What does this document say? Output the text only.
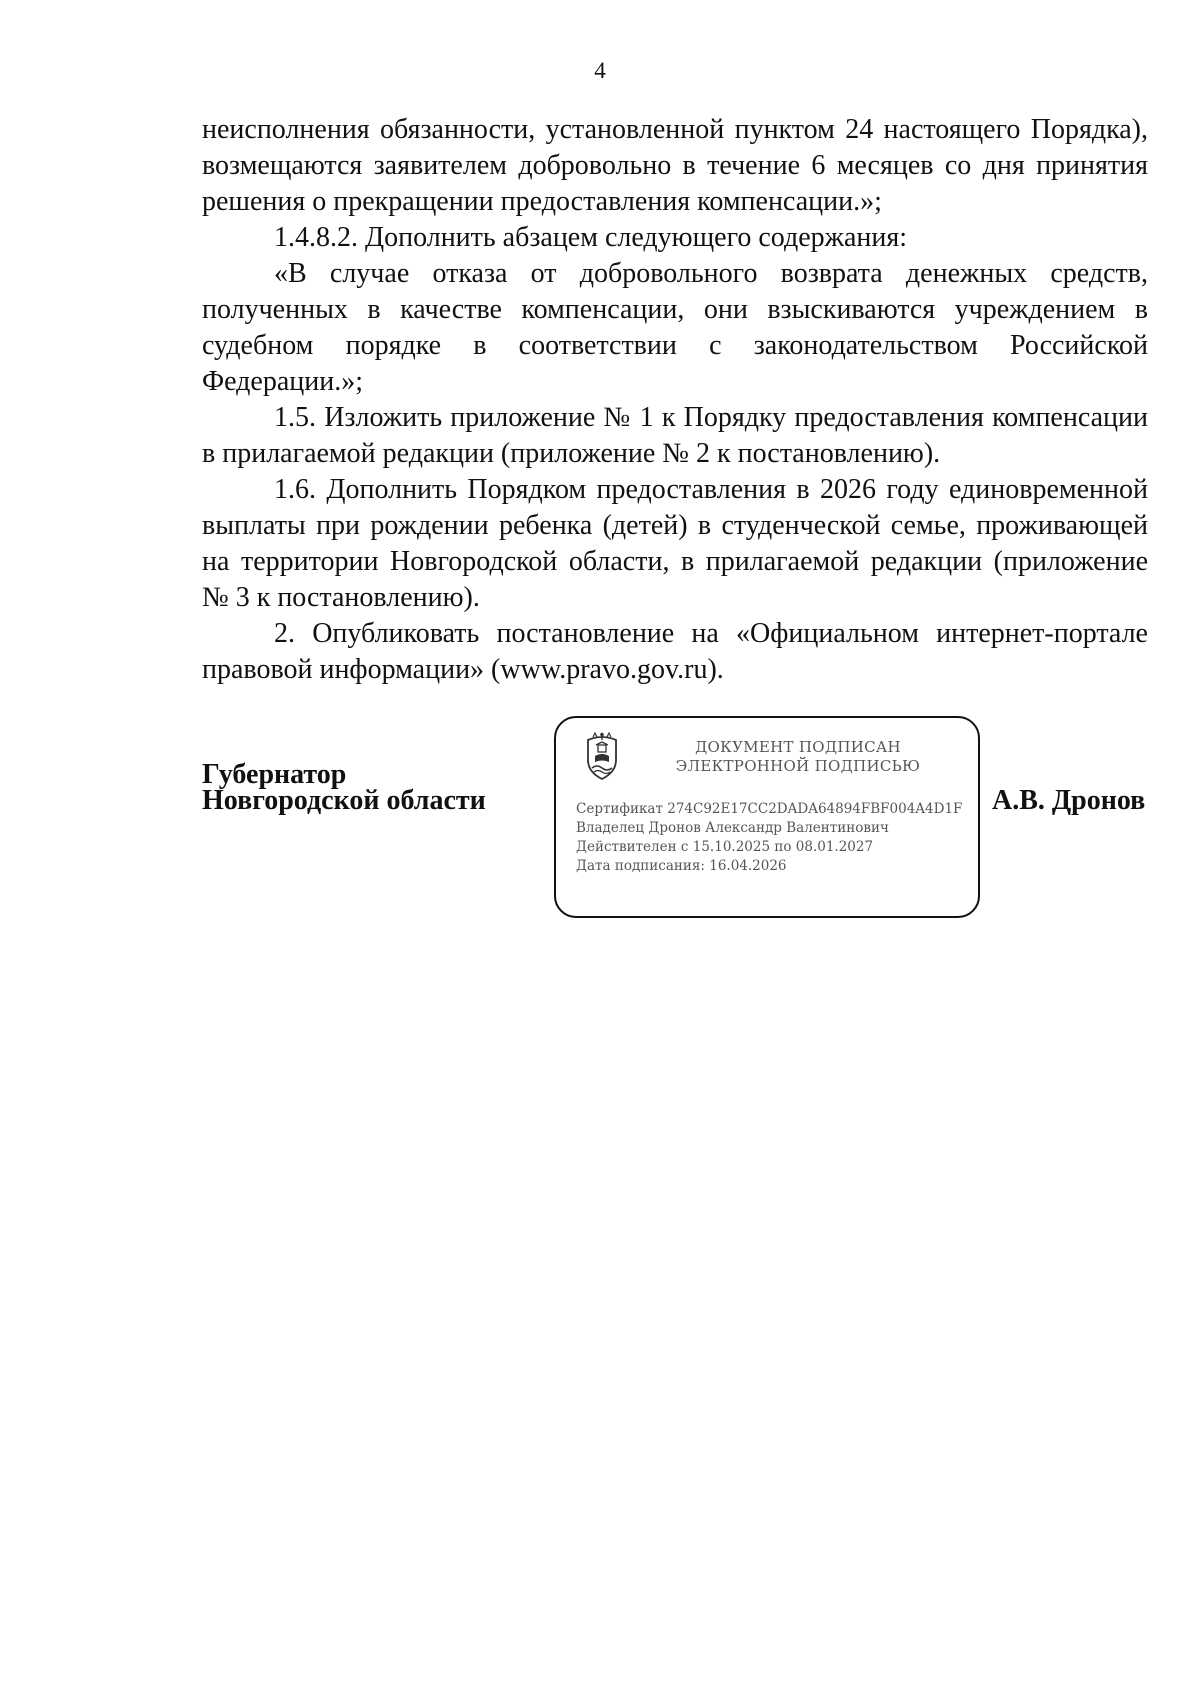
4

неисполнения обязанности, установленной пунктом 24 настоящего Порядка), возмещаются заявителем добровольно в течение 6 месяцев со дня принятия решения о прекращении предоставления компенсации.»;

1.4.8.2. Дополнить абзацем следующего содержания:

«В случае отказа от добровольного возврата денежных средств, полученных в качестве компенсации, они взыскиваются учреждением в судебном порядке в соответствии с законодательством Российской Федерации.»;

1.5. Изложить приложение № 1 к Порядку предоставления компенсации в прилагаемой редакции (приложение № 2 к постановлению).

1.6. Дополнить Порядком предоставления в 2026 году единовременной выплаты при рождении ребенка (детей) в студенческой семье, проживающей на территории Новгородской области, в прилагаемой редакции (приложение № 3 к постановлению).

2. Опубликовать постановление на «Официальном интернет-портале правовой информации» (www.pravo.gov.ru).

Губернатор
Новгородской области
ДОКУМЕНТ ПОДПИСАН
ЭЛЕКТРОННОЙ ПОДПИСЬЮ
Сертификат 274C92E17CC2DADA64894FBF004A4D1F
Владелец Дронов Александр Валентинович
Действителен с 15.10.2025 по 08.01.2027
Дата подписания: 16.04.2026
А.В. Дронов
